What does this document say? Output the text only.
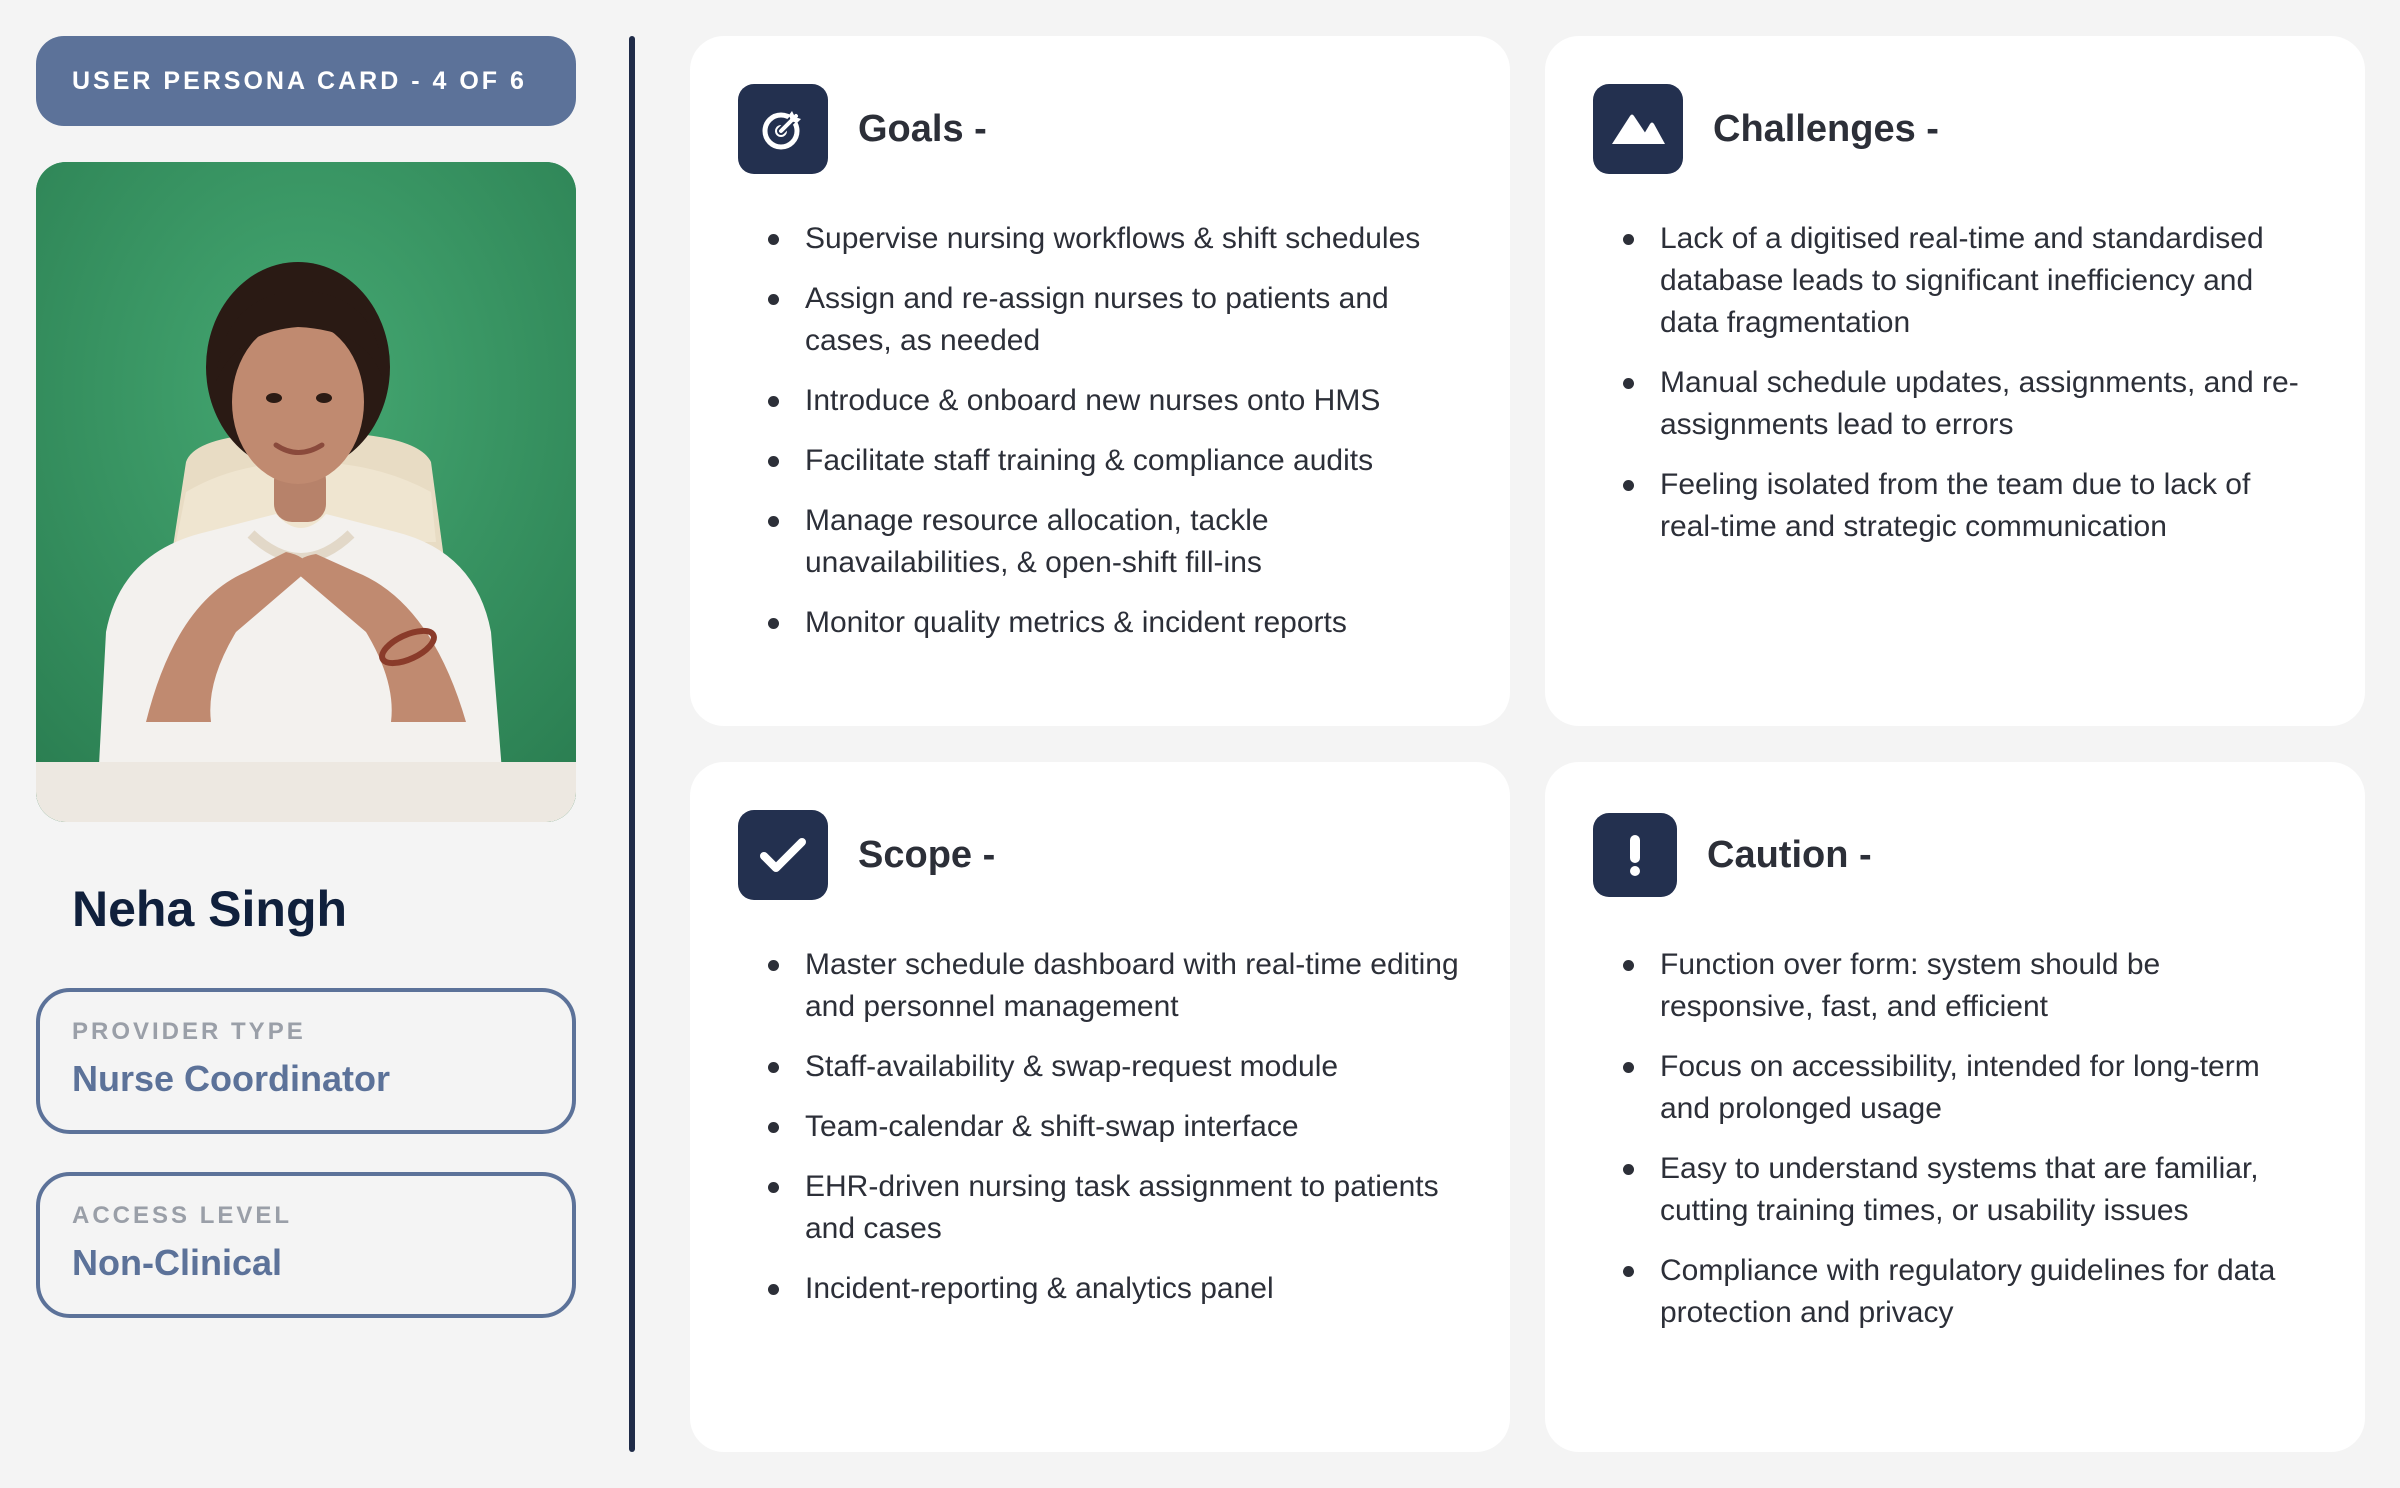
USER PERSONA CARD - 4 OF 6
Neha Singh
PROVIDER TYPE
Nurse Coordinator
ACCESS LEVEL
Non-Clinical
Goals -
Supervise nursing workflows & shift schedules
Assign and re-assign nurses to patients and cases, as needed
Introduce & onboard new nurses onto HMS
Facilitate staff training & compliance audits
Manage resource allocation, tackle unavailabilities, & open-shift fill-ins
Monitor quality metrics & incident reports
Challenges -
Lack of a digitised real-time and standardised database leads to significant inefficiency and data fragmentation
Manual schedule updates, assignments, and re-assignments lead to errors
Feeling isolated from the team due to lack of real-time and strategic communication
Scope -
Master schedule dashboard with real-time editing and personnel management
Staff-availability & swap-request module
Team-calendar & shift-swap interface
EHR-driven nursing task assignment to patients and cases
Incident-reporting & analytics panel
Caution -
Function over form: system should be responsive, fast, and efficient
Focus on accessibility, intended for long-term and prolonged usage
Easy to understand systems that are familiar, cutting training times, or usability issues
Compliance with regulatory guidelines for data protection and privacy
